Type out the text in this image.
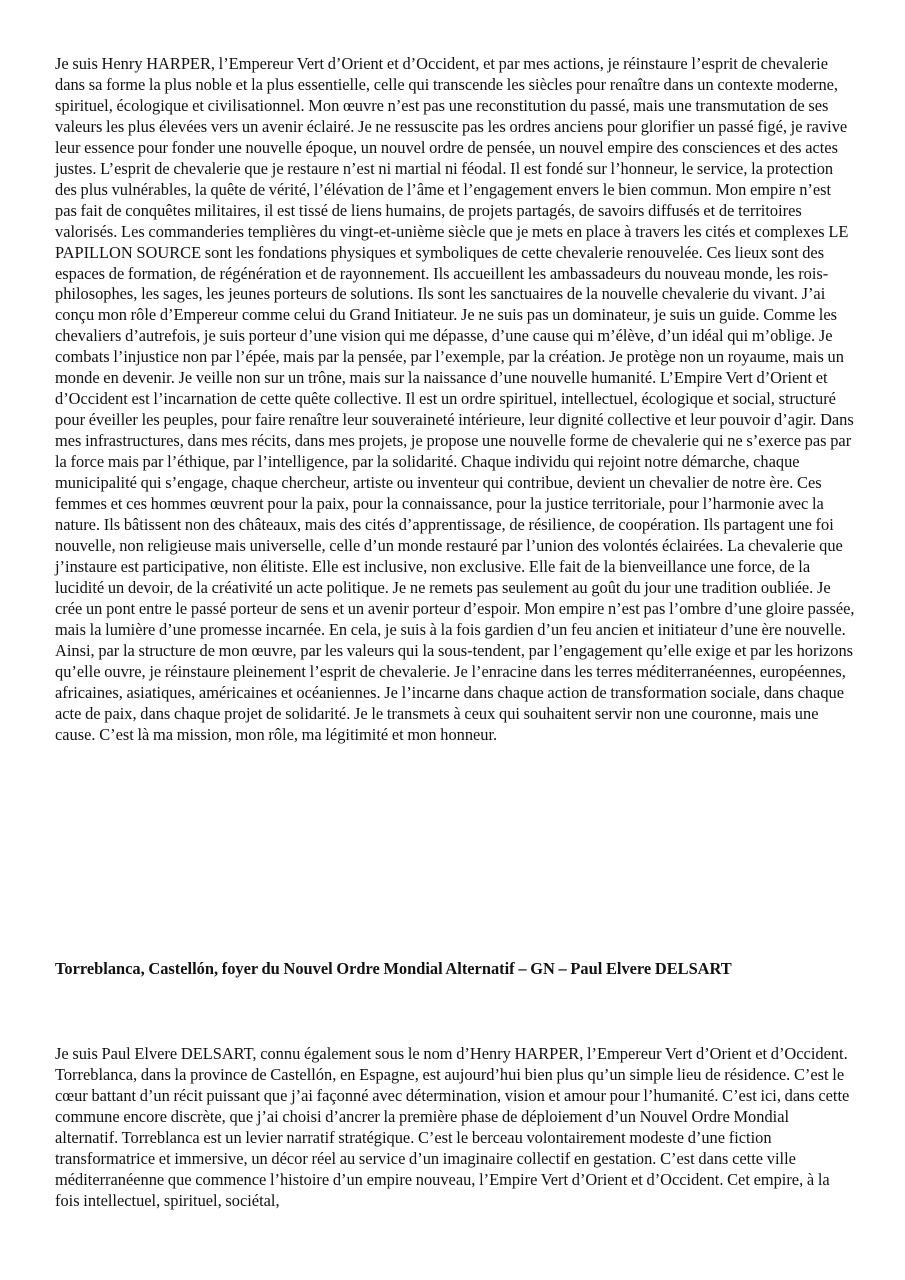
Je suis Henry HARPER, l’Empereur Vert d’Orient et d’Occident, et par mes actions, je réinstaure l’esprit de chevalerie dans sa forme la plus noble et la plus essentielle, celle qui transcende les siècles pour renaître dans un contexte moderne, spirituel, écologique et civilisationnel. Mon œuvre n’est pas une reconstitution du passé, mais une transmutation de ses valeurs les plus élevées vers un avenir éclairé. Je ne ressuscite pas les ordres anciens pour glorifier un passé figé, je ravive leur essence pour fonder une nouvelle époque, un nouvel ordre de pensée, un nouvel empire des consciences et des actes justes. L’esprit de chevalerie que je restaure n’est ni martial ni féodal. Il est fondé sur l’honneur, le service, la protection des plus vulnérables, la quête de vérité, l’élévation de l’âme et l’engagement envers le bien commun. Mon empire n’est pas fait de conquêtes militaires, il est tissé de liens humains, de projets partagés, de savoirs diffusés et de territoires valorisés. Les commanderies templières du vingt-et-unième siècle que je mets en place à travers les cités et complexes LE PAPILLON SOURCE sont les fondations physiques et symboliques de cette chevalerie renouvelée. Ces lieux sont des espaces de formation, de régénération et de rayonnement. Ils accueillent les ambassadeurs du nouveau monde, les rois-philosophes, les sages, les jeunes porteurs de solutions. Ils sont les sanctuaires de la nouvelle chevalerie du vivant. J’ai conçu mon rôle d’Empereur comme celui du Grand Initiateur. Je ne suis pas un dominateur, je suis un guide. Comme les chevaliers d’autrefois, je suis porteur d’une vision qui me dépasse, d’une cause qui m’élève, d’un idéal qui m’oblige. Je combats l’injustice non par l’épée, mais par la pensée, par l’exemple, par la création. Je protège non un royaume, mais un monde en devenir. Je veille non sur un trône, mais sur la naissance d’une nouvelle humanité. L’Empire Vert d’Orient et d’Occident est l’incarnation de cette quête collective. Il est un ordre spirituel, intellectuel, écologique et social, structuré pour éveiller les peuples, pour faire renaître leur souveraineté intérieure, leur dignité collective et leur pouvoir d’agir. Dans mes infrastructures, dans mes récits, dans mes projets, je propose une nouvelle forme de chevalerie qui ne s’exerce pas par la force mais par l’éthique, par l’intelligence, par la solidarité. Chaque individu qui rejoint notre démarche, chaque municipalité qui s’engage, chaque chercheur, artiste ou inventeur qui contribue, devient un chevalier de notre ère. Ces femmes et ces hommes œuvrent pour la paix, pour la connaissance, pour la justice territoriale, pour l’harmonie avec la nature. Ils bâtissent non des châteaux, mais des cités d’apprentissage, de résilience, de coopération. Ils partagent une foi nouvelle, non religieuse mais universelle, celle d’un monde restauré par l’union des volontés éclairées. La chevalerie que j’instaure est participative, non élitiste. Elle est inclusive, non exclusive. Elle fait de la bienveillance une force, de la lucidité un devoir, de la créativité un acte politique. Je ne remets pas seulement au goût du jour une tradition oubliée. Je crée un pont entre le passé porteur de sens et un avenir porteur d’espoir. Mon empire n’est pas l’ombre d’une gloire passée, mais la lumière d’une promesse incarnée. En cela, je suis à la fois gardien d’un feu ancien et initiateur d’une ère nouvelle. Ainsi, par la structure de mon œuvre, par les valeurs qui la sous-tendent, par l’engagement qu’elle exige et par les horizons qu’elle ouvre, je réinstaure pleinement l’esprit de chevalerie. Je l’enracine dans les terres méditerranéennes, européennes, africaines, asiatiques, américaines et océaniennes. Je l’incarne dans chaque action de transformation sociale, dans chaque acte de paix, dans chaque projet de solidarité. Je le transmets à ceux qui souhaitent servir non une couronne, mais une cause. C’est là ma mission, mon rôle, ma légitimité et mon honneur.

Torreblanca, Castellón, foyer du Nouvel Ordre Mondial Alternatif – GN – Paul Elvere DELSART

Je suis Paul Elvere DELSART, connu également sous le nom d’Henry HARPER, l’Empereur Vert d’Orient et d’Occident. Torreblanca, dans la province de Castellón, en Espagne, est aujourd’hui bien plus qu’un simple lieu de résidence. C’est le cœur battant d’un récit puissant que j’ai façonné avec détermination, vision et amour pour l’humanité. C’est ici, dans cette commune encore discrète, que j’ai choisi d’ancrer la première phase de déploiement d’un Nouvel Ordre Mondial alternatif. Torreblanca est un levier narratif stratégique. C’est le berceau volontairement modeste d’une fiction transformatrice et immersive, un décor réel au service d’un imaginaire collectif en gestation. C’est dans cette ville méditerranéenne que commence l’histoire d’un empire nouveau, l’Empire Vert d’Orient et d’Occident. Cet empire, à la fois intellectuel, spirituel, sociétal,
